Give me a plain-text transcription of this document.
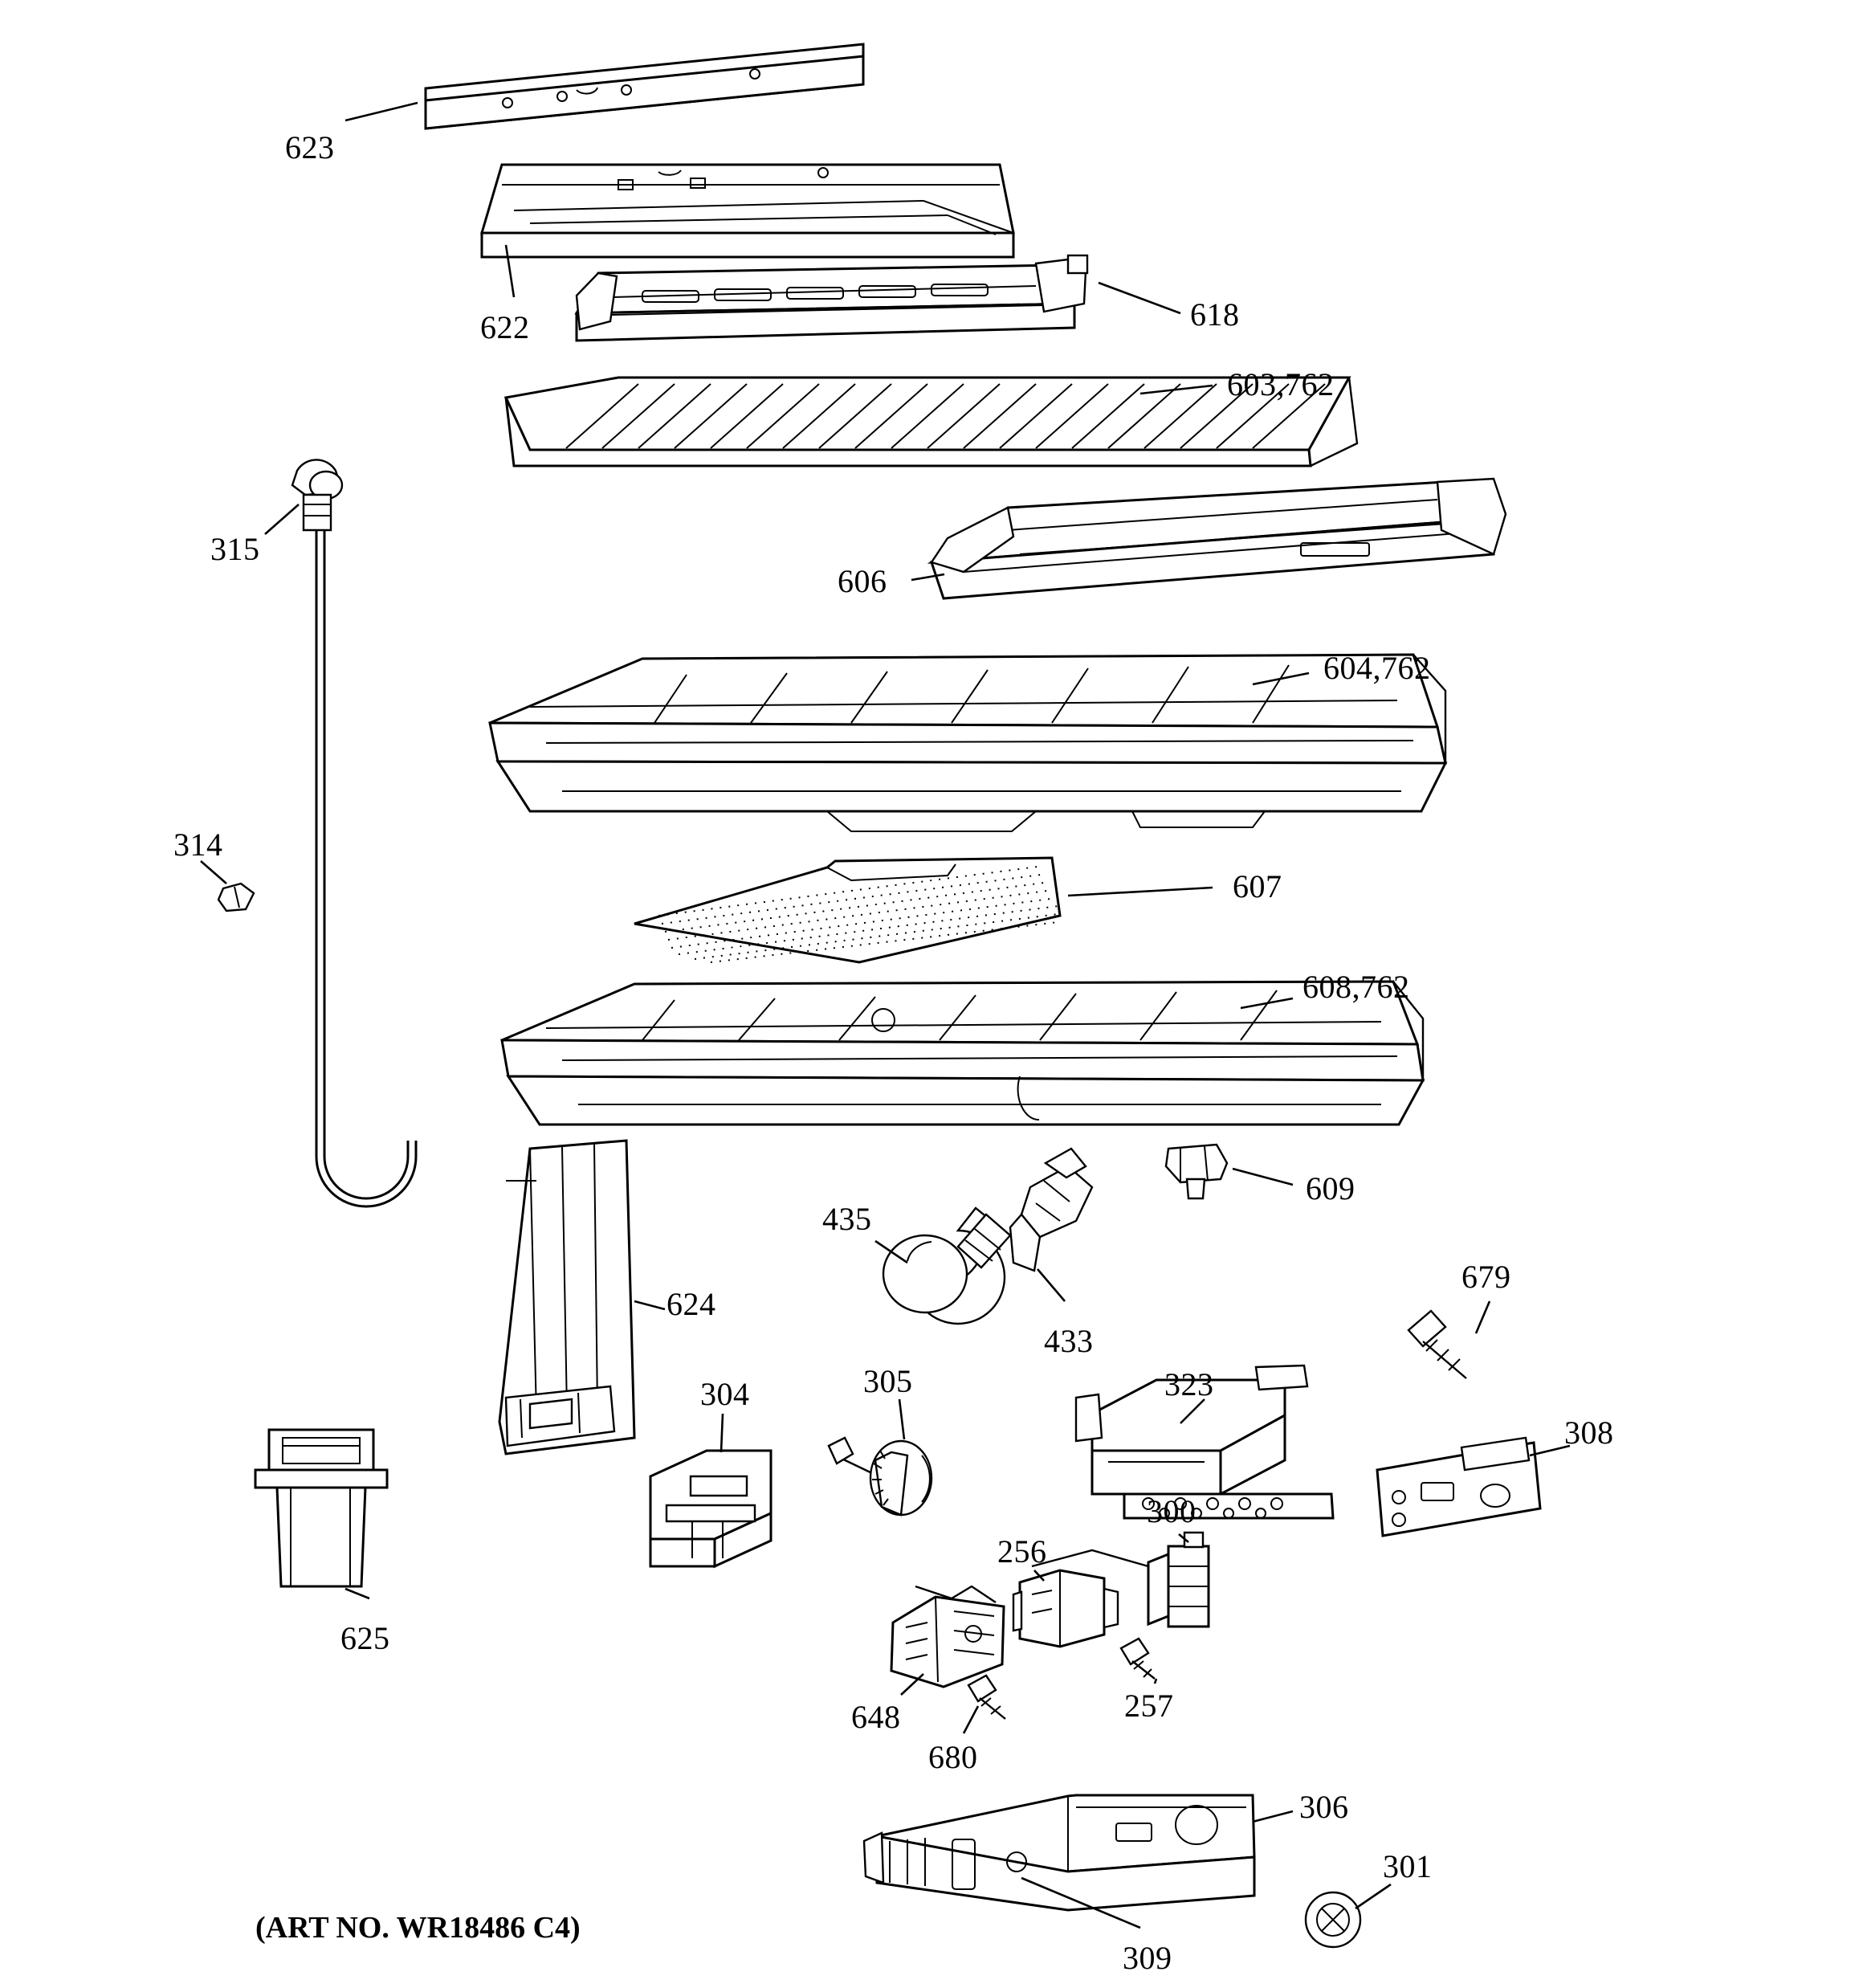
623
622	618
603,762
606
604,762
315
314
607
608,762
609
435
433
679
323
624
305
304
308
300
256
625
257
648
680
306
301
309
(ART NO. WR18486 C4)
